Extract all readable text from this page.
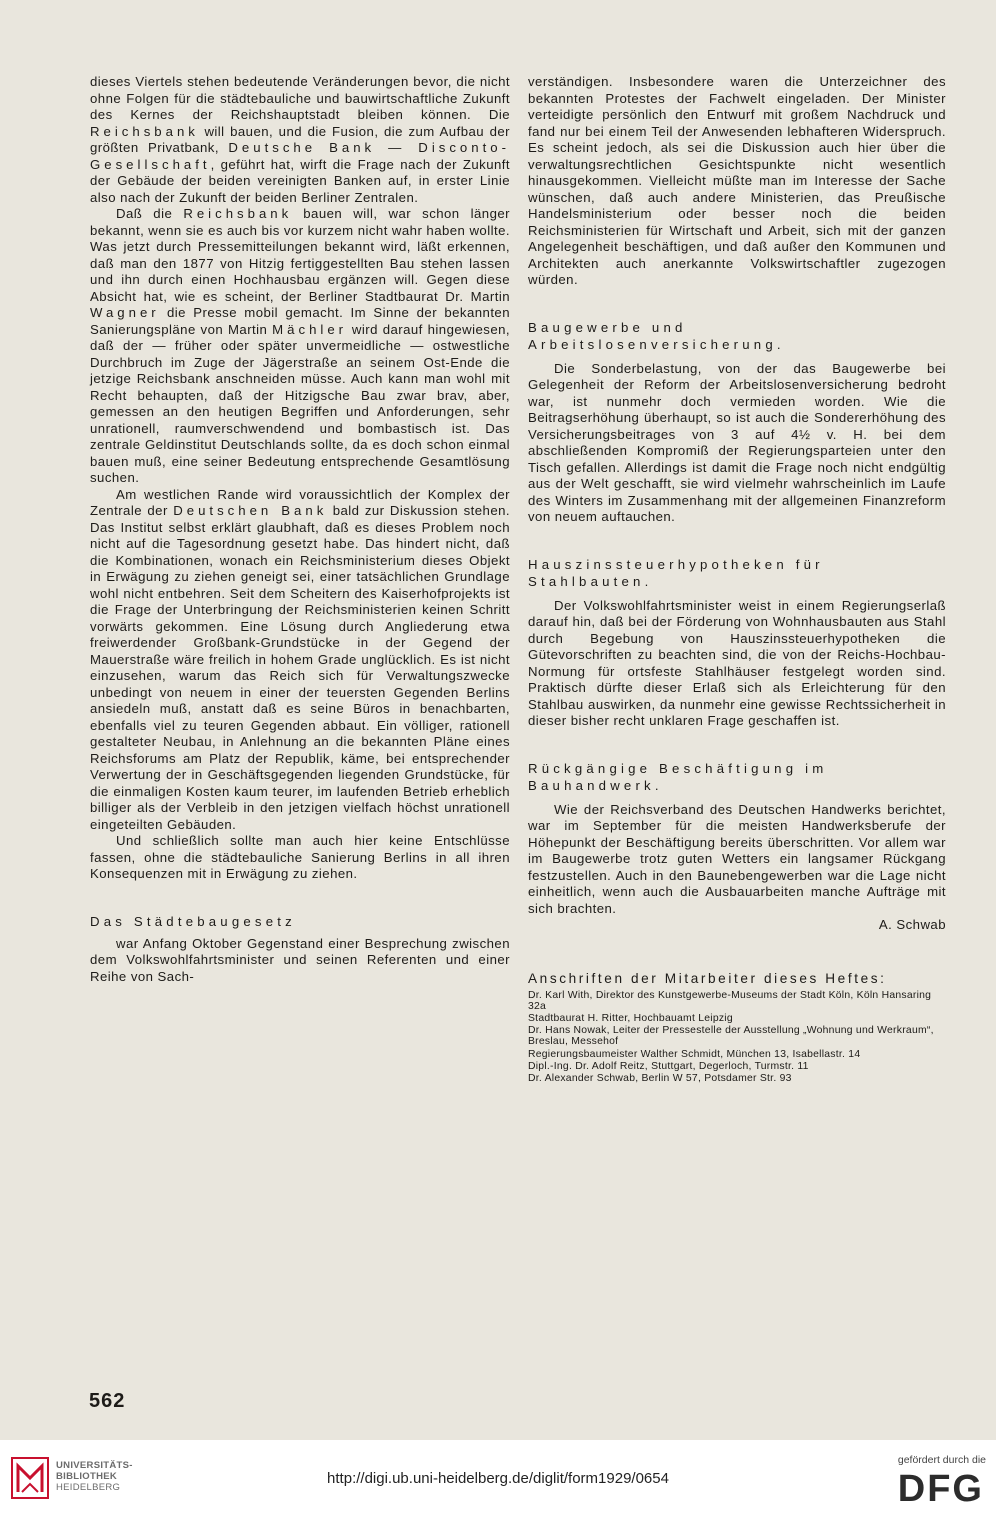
dieses Viertels stehen bedeutende Veränderungen bevor, die nicht ohne Folgen für die städtebauliche und bauwirtschaftliche Zukunft des Kernes der Reichshauptstadt bleiben können. Die Reichsbank will bauen, und die Fusion, die zum Aufbau der größten Privatbank, Deutsche Bank — Disconto-Gesellschaft, geführt hat, wirft die Frage nach der Zukunft der Gebäude der beiden vereinigten Banken auf, in erster Linie also nach der Zukunft der beiden Berliner Zentralen.

Daß die Reichsbank bauen will, war schon länger bekannt, wenn sie es auch bis vor kurzem nicht wahr haben wollte. Was jetzt durch Pressemitteilungen bekannt wird, läßt erkennen, daß man den 1877 von Hitzig fertiggestellten Bau stehen lassen und ihn durch einen Hochhausbau ergänzen will. Gegen diese Absicht hat, wie es scheint, der Berliner Stadtbaurat Dr. Martin Wagner die Presse mobil gemacht. Im Sinne der bekannten Sanierungspläne von Martin Mächler wird darauf hingewiesen, daß der — früher oder später unvermeidliche — ostwestliche Durchbruch im Zuge der Jägerstraße an seinem Ost-Ende die jetzige Reichsbank anschneiden müsse. Auch kann man wohl mit Recht behaupten, daß der Hitzigsche Bau zwar brav, aber, gemessen an den heutigen Begriffen und Anforderungen, sehr unrationell, raumverschwendend und bombastisch ist. Das zentrale Geldinstitut Deutschlands sollte, da es doch schon einmal bauen muß, eine seiner Bedeutung entsprechende Gesamtlösung suchen.

Am westlichen Rande wird voraussichtlich der Komplex der Zentrale der Deutschen Bank bald zur Diskussion stehen. Das Institut selbst erklärt glaubhaft, daß es dieses Problem noch nicht auf die Tagesordnung gesetzt habe. Das hindert nicht, daß die Kombinationen, wonach ein Reichsministerium dieses Objekt in Erwägung zu ziehen geneigt sei, einer tatsächlichen Grundlage wohl nicht entbehren. Seit dem Scheitern des Kaiserhofprojekts ist die Frage der Unterbringung der Reichsministerien keinen Schritt vorwärts gekommen. Eine Lösung durch Angliederung etwa freiwerdender Großbank-Grundstücke in der Gegend der Mauerstraße wäre freilich in hohem Grade unglücklich. Es ist nicht einzusehen, warum das Reich sich für Verwaltungszwecke unbedingt von neuem in einer der teuersten Gegenden Berlins ansiedeln muß, anstatt daß es seine Büros in benachbarten, ebenfalls viel zu teuren Gegenden abbaut. Ein völliger, rationell gestalteter Neubau, in Anlehnung an die bekannten Pläne eines Reichsforums am Platz der Republik, käme, bei entsprechender Verwertung der in Geschäftsgegenden liegenden Grundstücke, für die einmaligen Kosten kaum teurer, im laufenden Betrieb erheblich billiger als der Verbleib in den jetzigen vielfach höchst unrationell eingeteilten Gebäuden.

Und schließlich sollte man auch hier keine Entschlüsse fassen, ohne die städtebauliche Sanierung Berlins in all ihren Konsequenzen mit in Erwägung zu ziehen.

Das Städtebaugesetz

war Anfang Oktober Gegenstand einer Besprechung zwischen dem Volkswohlfahrtsminister und seinen Referenten und einer Reihe von Sach-

verständigen. Insbesondere waren die Unterzeichner des bekannten Protestes der Fachwelt eingeladen. Der Minister verteidigte persönlich den Entwurf mit großem Nachdruck und fand nur bei einem Teil der Anwesenden lebhafteren Widerspruch. Es scheint jedoch, als sei die Diskussion auch hier über die verwaltungsrechtlichen Gesichtspunkte nicht wesentlich hinausgekommen. Vielleicht müßte man im Interesse der Sache wünschen, daß auch andere Ministerien, das Preußische Handelsministerium oder besser noch die beiden Reichsministerien für Wirtschaft und Arbeit, sich mit der ganzen Angelegenheit beschäftigen, und daß außer den Kommunen und Architekten auch anerkannte Volkswirtschaftler zugezogen würden.

Baugewerbe und Arbeitslosenversicherung.

Die Sonderbelastung, von der das Baugewerbe bei Gelegenheit der Reform der Arbeitslosenversicherung bedroht war, ist nunmehr doch vermieden worden. Wie die Beitragserhöhung überhaupt, so ist auch die Sondererhöhung des Versicherungsbeitrages von 3 auf 4½ v. H. bei dem abschließenden Kompromiß der Regierungsparteien unter den Tisch gefallen. Allerdings ist damit die Frage noch nicht endgültig aus der Welt geschafft, sie wird vielmehr wahrscheinlich im Laufe des Winters im Zusammenhang mit der allgemeinen Finanzreform von neuem auftauchen.

Hauszinssteuerhypotheken für Stahlbauten.

Der Volkswohlfahrtsminister weist in einem Regierungserlaß darauf hin, daß bei der Förderung von Wohnhausbauten aus Stahl durch Begebung von Hauszinssteuerhypotheken die Gütevorschriften zu beachten sind, die von der Reichs-Hochbau-Normung für ortsfeste Stahlhäuser festgelegt worden sind. Praktisch dürfte dieser Erlaß sich als Erleichterung für den Stahlbau auswirken, da nunmehr eine gewisse Rechtssicherheit in dieser bisher recht unklaren Frage geschaffen ist.

Rückgängige Beschäftigung im Bauhandwerk.

Wie der Reichsverband des Deutschen Handwerks berichtet, war im September für die meisten Handwerksberufe der Höhepunkt der Beschäftigung bereits überschritten. Vor allem war im Baugewerbe trotz guten Wetters ein langsamer Rückgang festzustellen. Auch in den Baunebengewerben war die Lage nicht einheitlich, wenn auch die Ausbauarbeiten manche Aufträge mit sich brachten.

A. Schwab

Anschriften der Mitarbeiter dieses Heftes:

Dr. Karl With, Direktor des Kunstgewerbe-Museums der Stadt Köln, Köln Hansaring 32a
Stadtbaurat H. Ritter, Hochbauamt Leipzig
Dr. Hans Nowak, Leiter der Pressestelle der Ausstellung „Wohnung und Werkraum“, Breslau, Messehof
Regierungsbaumeister Walther Schmidt, München 13, Isabellastr. 14
Dipl.-Ing. Dr. Adolf Reitz, Stuttgart, Degerloch, Turmstr. 11
Dr. Alexander Schwab, Berlin W 57, Potsdamer Str. 93
562
UNIVERSITÄTS-
BIBLIOTHEK
HEIDELBERG
http://digi.ub.uni-heidelberg.de/diglit/form1929/0654
gefördert durch die
DFG
